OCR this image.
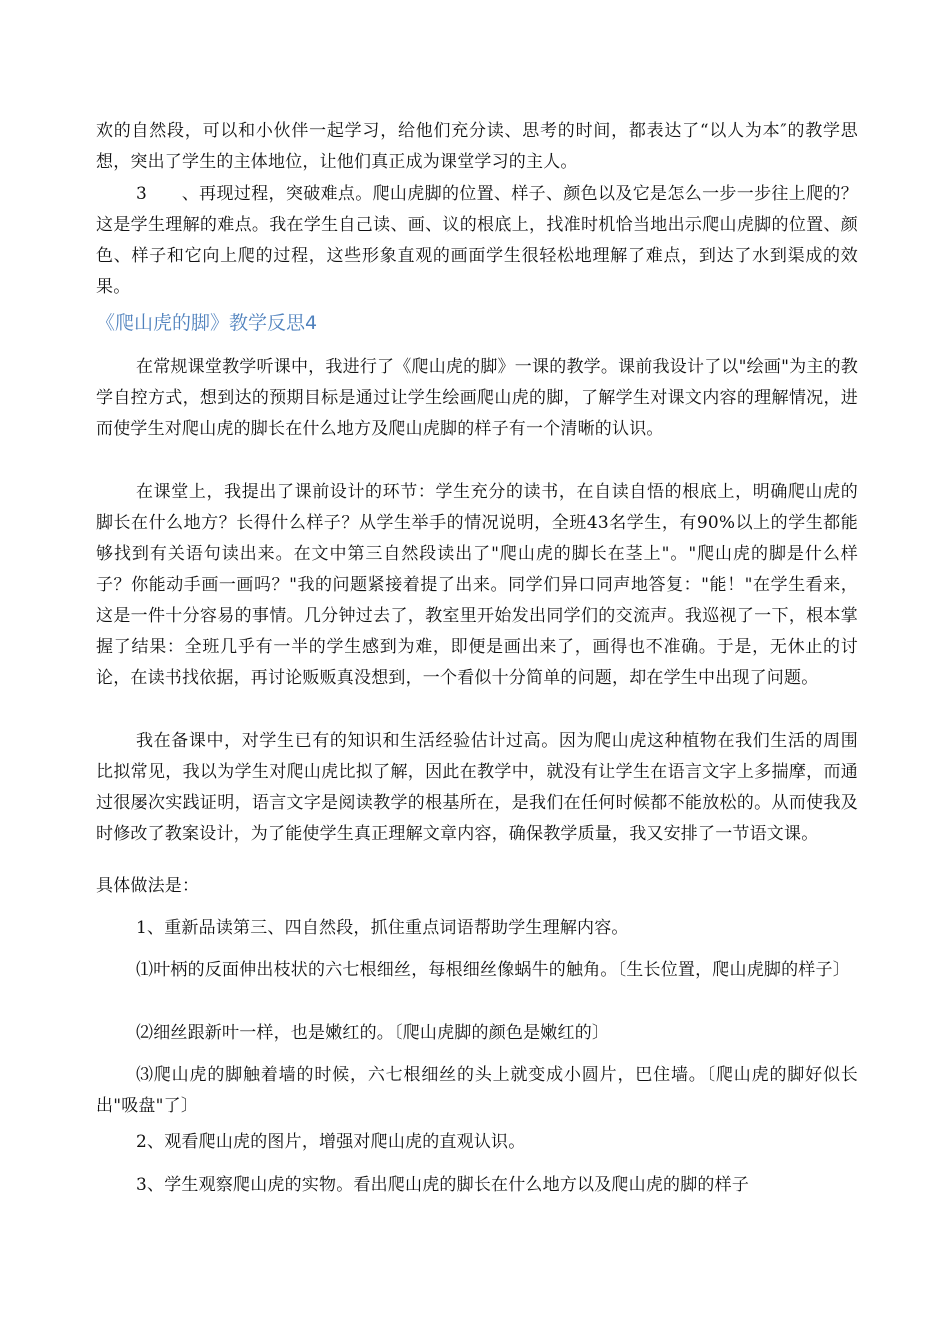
欢的自然段，可以和小伙伴一起学习，给他们充分读、思考的时间，都表达了“以人为本″的教学思想，突出了学生的主体地位，让他们真正成为课堂学习的主人。

3　　、再现过程，突破难点。爬山虎脚的位置、样子、颜色以及它是怎么一步一步往上爬的？这是学生理解的难点。我在学生自己读、画、议的根底上，找准时机恰当地出示爬山虎脚的位置、颜色、样子和它向上爬的过程，这些形象直观的画面学生很轻松地理解了难点，到达了水到渠成的效果。

《爬山虎的脚》教学反思4

在常规课堂教学听课中，我进行了《爬山虎的脚》一课的教学。课前我设计了以"绘画"为主的教学自控方式，想到达的预期目标是通过让学生绘画爬山虎的脚，了解学生对课文内容的理解情况，进而使学生对爬山虎的脚长在什么地方及爬山虎脚的样子有一个清晰的认识。

在课堂上，我提出了课前设计的环节：学生充分的读书，在自读自悟的根底上，明确爬山虎的脚长在什么地方？长得什么样子？从学生举手的情况说明，全班43名学生，有90%以上的学生都能够找到有关语句读出来。在文中第三自然段读出了"爬山虎的脚长在茎上"。"爬山虎的脚是什么样子？你能动手画一画吗？"我的问题紧接着提了出来。同学们异口同声地答复："能！"在学生看来，这是一件十分容易的事情。几分钟过去了，教室里开始发出同学们的交流声。我巡视了一下，根本掌握了结果：全班几乎有一半的学生感到为难，即便是画出来了，画得也不准确。于是，无休止的讨论，在读书找依据，再讨论贩贩真没想到，一个看似十分简单的问题，却在学生中出现了问题。

我在备课中，对学生已有的知识和生活经验估计过高。因为爬山虎这种植物在我们生活的周围比拟常见，我以为学生对爬山虎比拟了解，因此在教学中，就没有让学生在语言文字上多揣摩，而通过很屡次实践证明，语言文字是阅读教学的根基所在，是我们在任何时候都不能放松的。从而使我及时修改了教案设计，为了能使学生真正理解文章内容，确保教学质量，我又安排了一节语文课。

具体做法是：

1、重新品读第三、四自然段，抓住重点词语帮助学生理解内容。

⑴叶柄的反面伸出枝状的六七根细丝，每根细丝像蜗牛的触角。〔生长位置，爬山虎脚的样子〕

⑵细丝跟新叶一样，也是嫩红的。〔爬山虎脚的颜色是嫩红的〕

⑶爬山虎的脚触着墙的时候，六七根细丝的头上就变成小圆片，巴住墙。〔爬山虎的脚好似长出"吸盘"了〕

2、观看爬山虎的图片，增强对爬山虎的直观认识。

3、学生观察爬山虎的实物。看出爬山虎的脚长在什么地方以及爬山虎的脚的样子
